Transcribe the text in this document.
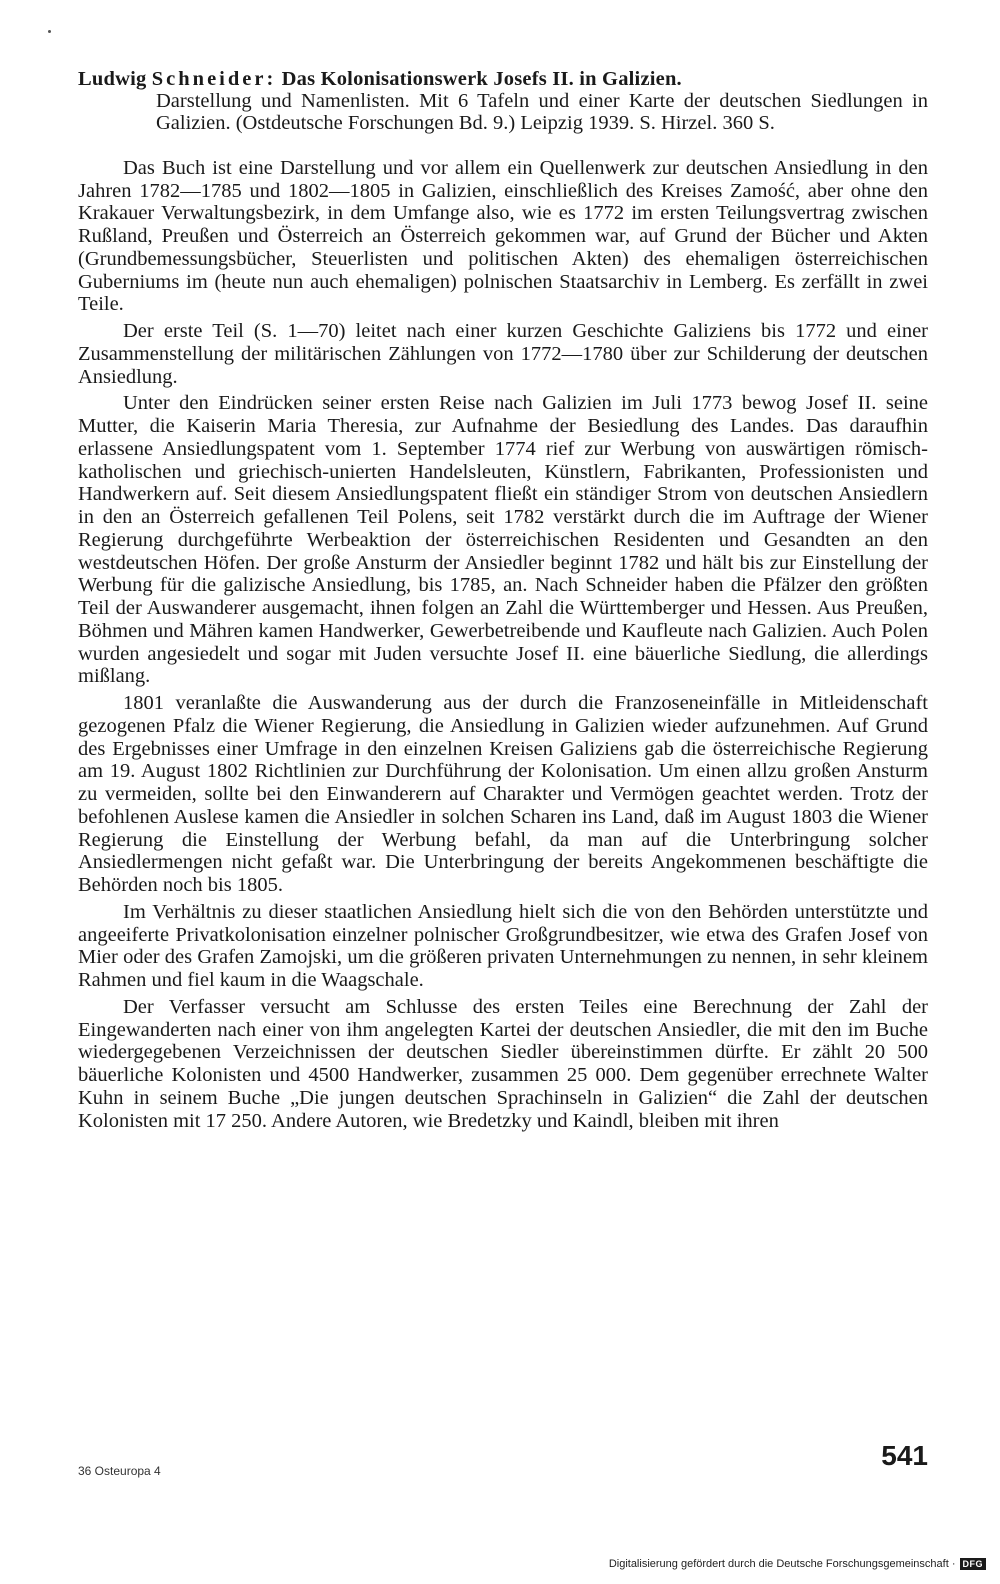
Ludwig Schneider: Das Kolonisationswerk Josefs II. in Galizien.
Darstellung und Namenlisten. Mit 6 Tafeln und einer Karte der deutschen Siedlungen in Galizien. (Ostdeutsche Forschungen Bd. 9.) Leipzig 1939. S. Hirzel. 360 S.

Das Buch ist eine Darstellung und vor allem ein Quellenwerk zur deutschen Ansiedlung in den Jahren 1782—1785 und 1802—1805 in Galizien, einschließlich des Kreises Zamość, aber ohne den Krakauer Verwaltungsbezirk, in dem Umfange also, wie es 1772 im ersten Teilungsvertrag zwischen Rußland, Preußen und Österreich an Österreich gekommen war, auf Grund der Bücher und Akten (Grundbemessungsbücher, Steuerlisten und politischen Akten) des ehemaligen österreichischen Guberniums im (heute nun auch ehemaligen) polnischen Staatsarchiv in Lemberg. Es zerfällt in zwei Teile.

Der erste Teil (S. 1—70) leitet nach einer kurzen Geschichte Galiziens bis 1772 und einer Zusammenstellung der militärischen Zählungen von 1772—1780 über zur Schilderung der deutschen Ansiedlung.

Unter den Eindrücken seiner ersten Reise nach Galizien im Juli 1773 bewog Josef II. seine Mutter, die Kaiserin Maria Theresia, zur Aufnahme der Besiedlung des Landes. Das daraufhin erlassene Ansiedlungspatent vom 1. September 1774 rief zur Werbung von auswärtigen römisch-katholischen und griechisch-unierten Handelsleuten, Künstlern, Fabrikanten, Professionisten und Handwerkern auf. Seit diesem Ansiedlungspatent fließt ein ständiger Strom von deutschen Ansiedlern in den an Österreich gefallenen Teil Polens, seit 1782 verstärkt durch die im Auftrage der Wiener Regierung durchgeführte Werbeaktion der österreichischen Residenten und Gesandten an den westdeutschen Höfen. Der große Ansturm der Ansiedler beginnt 1782 und hält bis zur Einstellung der Werbung für die galizische Ansiedlung, bis 1785, an. Nach Schneider haben die Pfälzer den größten Teil der Auswanderer ausgemacht, ihnen folgen an Zahl die Württemberger und Hessen. Aus Preußen, Böhmen und Mähren kamen Handwerker, Gewerbetreibende und Kaufleute nach Galizien. Auch Polen wurden angesiedelt und sogar mit Juden versuchte Josef II. eine bäuerliche Siedlung, die allerdings mißlang.

1801 veranlaßte die Auswanderung aus der durch die Franzoseneinfälle in Mitleidenschaft gezogenen Pfalz die Wiener Regierung, die Ansiedlung in Galizien wieder aufzunehmen. Auf Grund des Ergebnisses einer Umfrage in den einzelnen Kreisen Galiziens gab die österreichische Regierung am 19. August 1802 Richtlinien zur Durchführung der Kolonisation. Um einen allzu großen Ansturm zu vermeiden, sollte bei den Einwanderern auf Charakter und Vermögen geachtet werden. Trotz der befohlenen Auslese kamen die Ansiedler in solchen Scharen ins Land, daß im August 1803 die Wiener Regierung die Einstellung der Werbung befahl, da man auf die Unterbringung solcher Ansiedlermengen nicht gefaßt war. Die Unterbringung der bereits Angekommenen beschäftigte die Behörden noch bis 1805.

Im Verhältnis zu dieser staatlichen Ansiedlung hielt sich die von den Behörden unterstützte und angeeiferte Privatkolonisation einzelner polnischer Großgrundbesitzer, wie etwa des Grafen Josef von Mier oder des Grafen Zamojski, um die größeren privaten Unternehmungen zu nennen, in sehr kleinem Rahmen und fiel kaum in die Waagschale.

Der Verfasser versucht am Schlusse des ersten Teiles eine Berechnung der Zahl der Eingewanderten nach einer von ihm angelegten Kartei der deutschen Ansiedler, die mit den im Buche wiedergegebenen Verzeichnissen der deutschen Siedler übereinstimmen dürfte. Er zählt 20 500 bäuerliche Kolonisten und 4500 Handwerker, zusammen 25 000. Dem gegenüber errechnete Walter Kuhn in seinem Buche „Die jungen deutschen Sprachinseln in Galizien“ die Zahl der deutschen Kolonisten mit 17 250. Andere Autoren, wie Bredetzky und Kaindl, bleiben mit ihren

36 Osteuropa 4	541
Digitalisierung gefördert durch die Deutsche Forschungsgemeinschaft · DFG
